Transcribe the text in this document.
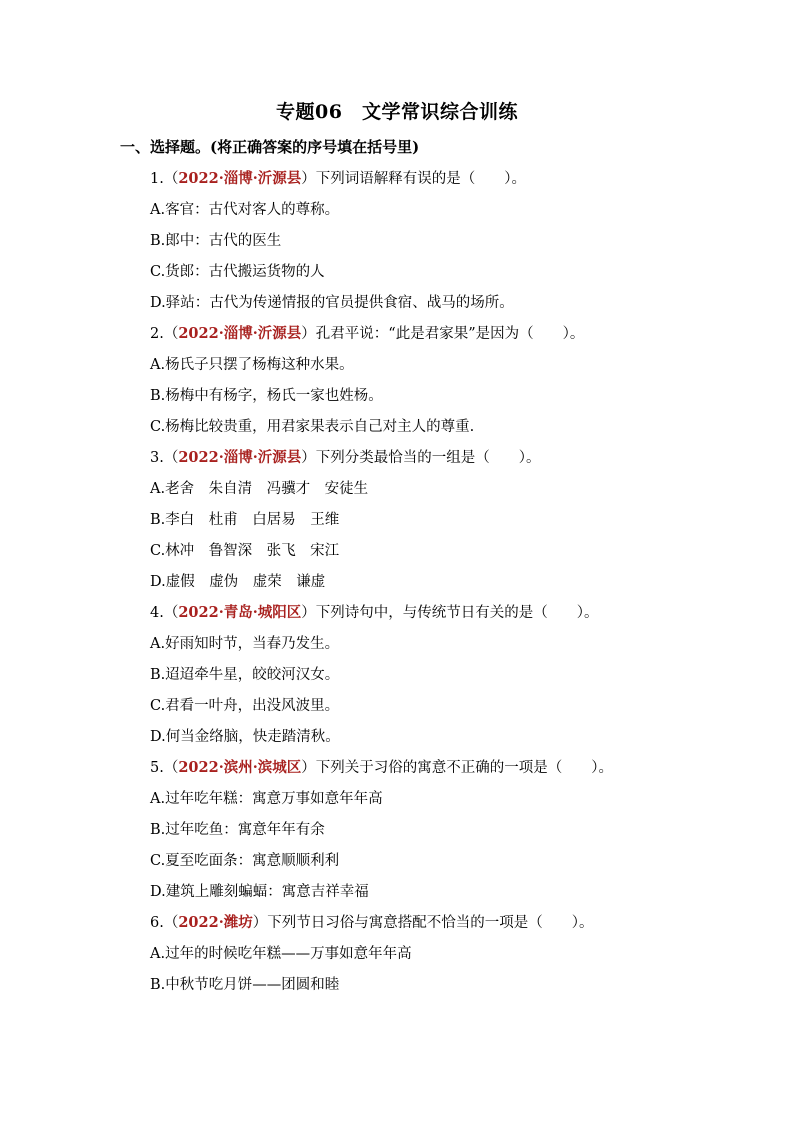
专题06　文学常识综合训练
一、选择题。(将正确答案的序号填在括号里)
1.（2022·淄博·沂源县）下列词语解释有误的是（　　）。
A.客官：古代对客人的尊称。
B.郎中：古代的医生
C.货郎：古代搬运货物的人
D.驿站：古代为传递情报的官员提供食宿、战马的场所。
2.（2022·淄博·沂源县）孔君平说：“此是君家果”是因为（　　）。
A.杨氏子只摆了杨梅这种水果。
B.杨梅中有杨字，杨氏一家也姓杨。
C.杨梅比较贵重，用君家果表示自己对主人的尊重.
3.（2022·淄博·沂源县）下列分类最恰当的一组是（　　）。
A.老舍　朱自清　冯骥才　安徒生
B.李白　杜甫　白居易　王维
C.林冲　鲁智深　张飞　宋江
D.虚假　虚伪　虚荣　谦虚
4.（2022·青岛·城阳区）下列诗句中，与传统节日有关的是（　　）。
A.好雨知时节，当春乃发生。
B.迢迢牵牛星，皎皎河汉女。
C.君看一叶舟，出没风波里。
D.何当金络脑，快走踏清秋。
5.（2022·滨州·滨城区）下列关于习俗的寓意不正确的一项是（　　）。
A.过年吃年糕：寓意万事如意年年高
B.过年吃鱼：寓意年年有余
C.夏至吃面条：寓意顺顺利利
D.建筑上雕刻蝙蝠：寓意吉祥幸福
6.（2022·潍坊）下列节日习俗与寓意搭配不恰当的一项是（　　）。
A.过年的时候吃年糕——万事如意年年高
B.中秋节吃月饼——团圆和睦
